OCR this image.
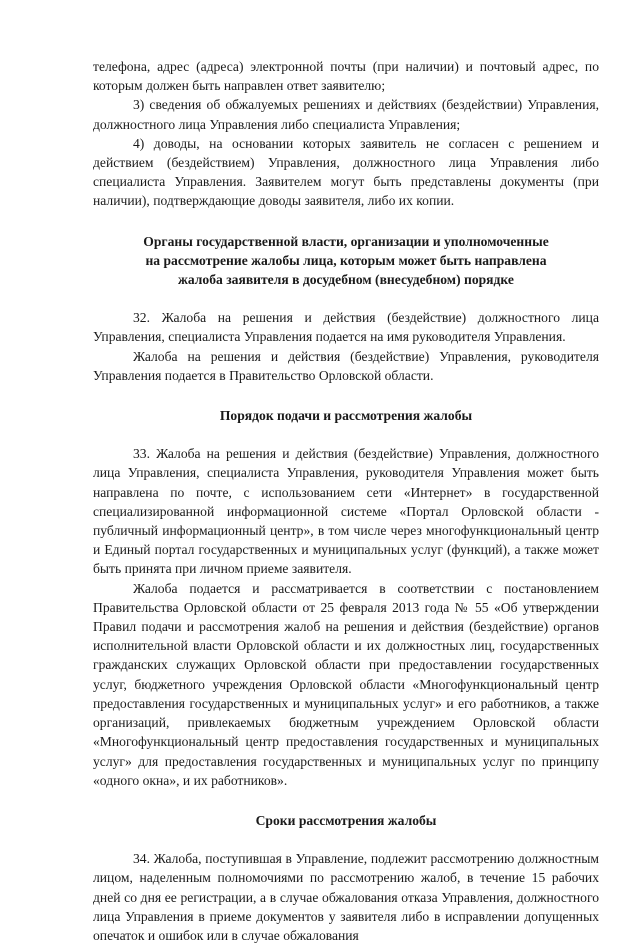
телефона, адрес (адреса) электронной почты (при наличии) и почтовый адрес, по которым должен быть направлен ответ заявителю;

3) сведения об обжалуемых решениях и действиях (бездействии) Управления, должностного лица Управления либо специалиста Управления;

4) доводы, на основании которых заявитель не согласен с решением и действием (бездействием) Управления, должностного лица Управления либо специалиста Управления. Заявителем могут быть представлены документы (при наличии), подтверждающие доводы заявителя, либо их копии.

Органы государственной власти, организации и уполномоченные
на рассмотрение жалобы лица, которым может быть направлена
жалоба заявителя в досудебном (внесудебном) порядке

32. Жалоба на решения и действия (бездействие) должностного лица Управления, специалиста Управления подается на имя руководителя Управления.

Жалоба на решения и действия (бездействие) Управления, руководителя Управления подается в Правительство Орловской области.

Порядок подачи и рассмотрения жалобы

33. Жалоба на решения и действия (бездействие) Управления, должностного лица Управления, специалиста Управления, руководителя Управления может быть направлена по почте, с использованием сети «Интернет» в государственной специализированной информационной системе «Портал Орловской области - публичный информационный центр», в том числе через многофункциональный центр и Единый портал государственных и муниципальных услуг (функций), а также может быть принята при личном приеме заявителя.

Жалоба подается и рассматривается в соответствии с постановлением Правительства Орловской области от 25 февраля 2013 года № 55 «Об утверждении Правил подачи и рассмотрения жалоб на решения и действия (бездействие) органов исполнительной власти Орловской области и их должностных лиц, государственных гражданских служащих Орловской области при предоставлении государственных услуг, бюджетного учреждения Орловской области «Многофункциональный центр предоставления государственных и муниципальных услуг» и его работников, а также организаций, привлекаемых бюджетным учреждением Орловской области «Многофункциональный центр предоставления государственных и муниципальных услуг» для предоставления государственных и муниципальных услуг по принципу «одного окна», и их работников».

Сроки рассмотрения жалобы

34. Жалоба, поступившая в Управление, подлежит рассмотрению должностным лицом, наделенным полномочиями по рассмотрению жалоб, в течение 15 рабочих дней со дня ее регистрации, а в случае обжалования отказа Управления, должностного лица Управления в приеме документов у заявителя либо в исправлении допущенных опечаток и ошибок или в случае обжалования
